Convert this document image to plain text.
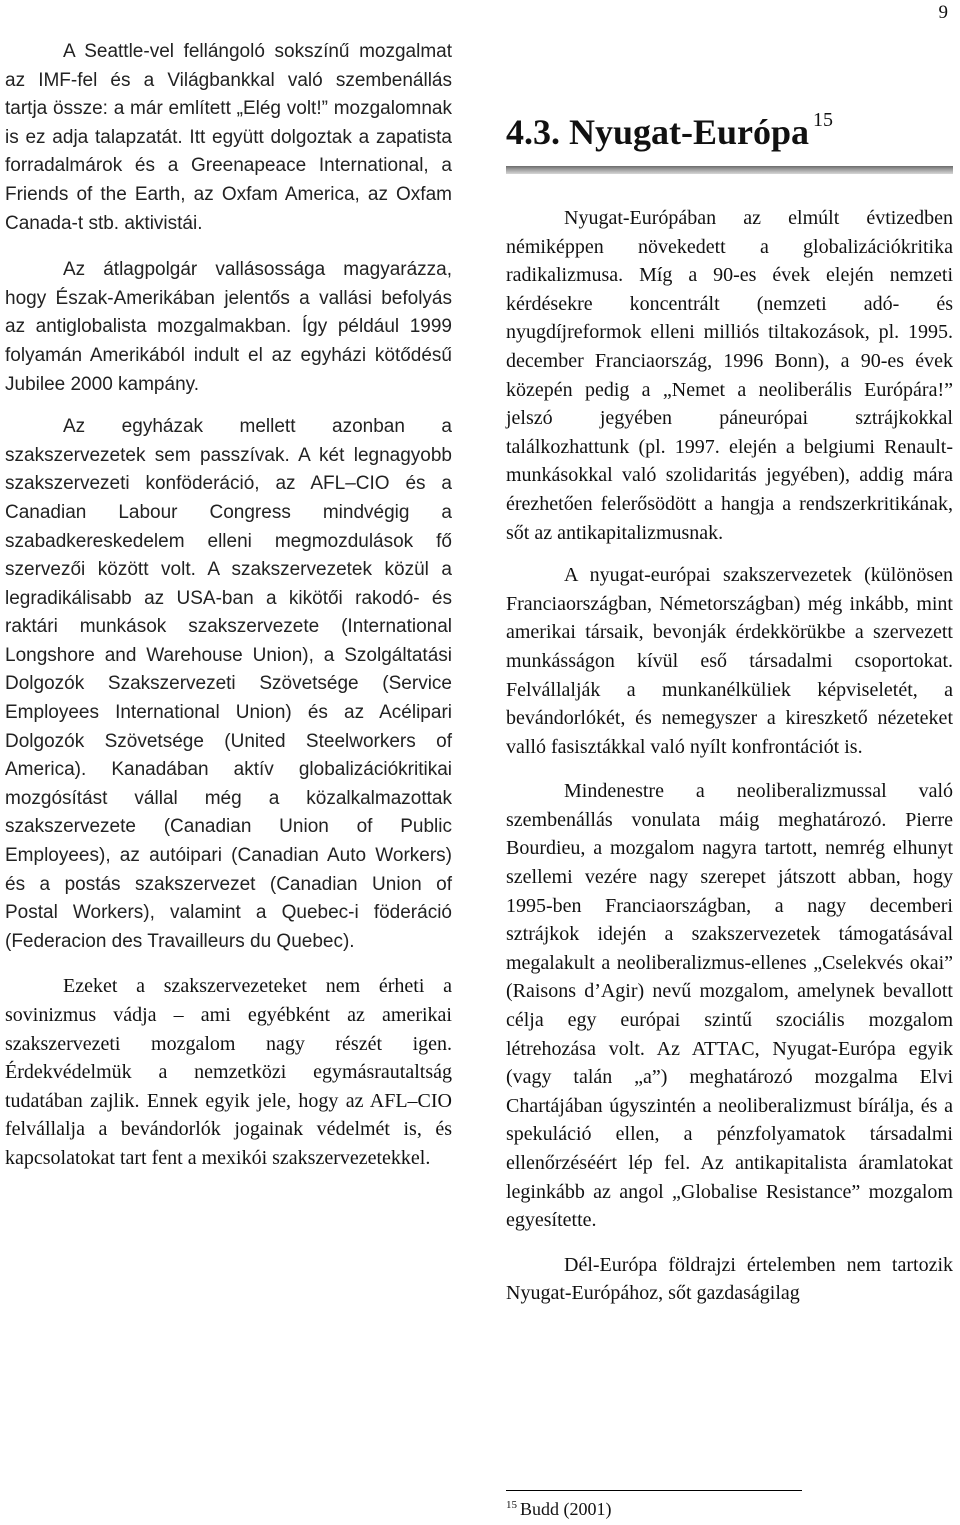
9

A Seattle-vel fellángoló sokszínű mozgalmat az IMF-fel és a Világbankkal való szembenállás tartja össze: a már említett „Elég volt!” mozgalomnak is ez adja talapzatát. Itt együtt dolgoztak a zapatista forradalmárok és a Greenapeace International, a Friends of the Earth, az Oxfam America, az Oxfam Canada-t stb. aktivistái.

Az átlagpolgár vallásossága magyarázza, hogy Észak-Amerikában jelentős a vallási befolyás az antiglobalista mozgalmakban. Így például 1999 folyamán Amerikából indult el az egyházi kötődésű Jubilee 2000 kampány.

Az egyházak mellett azonban a szakszervezetek sem passzívak. A két legnagyobb szakszervezeti konföderáció, az AFL–CIO és a Canadian Labour Congress mindvégig a szabadkereskedelem elleni megmozdulások fő szervezői között volt. A szakszervezetek közül a legradikálisabb az USA-ban a kikötői rakodó- és raktári munkások szakszervezete (International Longshore and Warehouse Union), a Szolgáltatási Dolgozók Szakszervezeti Szövetsége (Service Employees International Union) és az Acélipari Dolgozók Szövetsége (United Steelworkers of America). Kanadában aktív globalizációkritikai mozgósítást vállal még a közalkalmazottak szakszervezete (Canadian Union of Public Employees), az autóipari (Canadian Auto Workers) és a postás szakszervezet (Canadian Union of Postal Workers), valamint a Quebec-i föderáció (Federacion des Travailleurs du Quebec).

Ezeket a szakszervezeteket nem érheti a sovinizmus vádja – ami egyébként az amerikai szakszervezeti mozgalom nagy részét igen. Érdekvédelmük a nemzetközi egymásrautaltság tudatában zajlik. Ennek egyik jele, hogy az AFL–CIO felvállalja a bevándorlók jogainak védelmét is, és kapcsolatokat tart fent a mexikói szakszervezetekkel.

4.3. Nyugat-Európa $^{15}$

Nyugat-Európában az elmúlt évtizedben némiképpen növekedett a globalizációkritika radikalizmusa. Míg a 90-es évek elején nemzeti kérdésekre koncentrált (nemzeti adó- és nyugdíjreformok elleni milliós tiltakozások, pl. 1995. december Franciaország, 1996 Bonn), a 90-es évek közepén pedig a „Nemet a neoliberális Európára!” jelszó jegyében páneurópai sztrájkokkal találkozhattunk (pl. 1997. elején a belgiumi Renault-munkásokkal való szolidaritás jegyében), addig mára érezhetően felerősödött a hangja a rendszerkritikának, sőt az antikapitalizmusnak.

A nyugat-európai szakszervezetek (különösen Franciaországban, Németországban) még inkább, mint amerikai társaik, bevonják érdekkörükbe a szervezett munkásságon kívül eső társadalmi csoportokat. Felvállalják a munkanélküliek képviseletét, a bevándorlókét, és nemegyszer a kireszkető nézeteket valló fasisztákkal való nyílt konfrontációt is.

Mindenestre a neoliberalizmussal való szembenállás vonulata máig meghatározó. Pierre Bourdieu, a mozgalom nagyra tartott, nemrég elhunyt szellemi vezére nagy szerepet játszott abban, hogy 1995-ben Franciaországban, a nagy decemberi sztrájkok idején a szakszervezetek támogatásával megalakult a neoliberalizmus-ellenes „Cselekvés okai” (Raisons d’Agir) nevű mozgalom, amelynek bevallott célja egy európai szintű szociális mozgalom létrehozása volt. Az ATTAC, Nyugat-Európa egyik (vagy talán „a”) meghatározó mozgalma Elvi Chartájában úgyszintén a neoliberalizmust bírálja, és a spekuláció ellen, a pénzfolyamatok társadalmi ellenőrzéséért lép fel. Az antikapitalista áramlatokat leginkább az angol „Globalise Resistance” mozgalom egyesítette.

Dél-Európa földrajzi értelemben nem tartozik Nyugat-Európához, sőt gazdaságilag

$^{15}$ Budd (2001)
